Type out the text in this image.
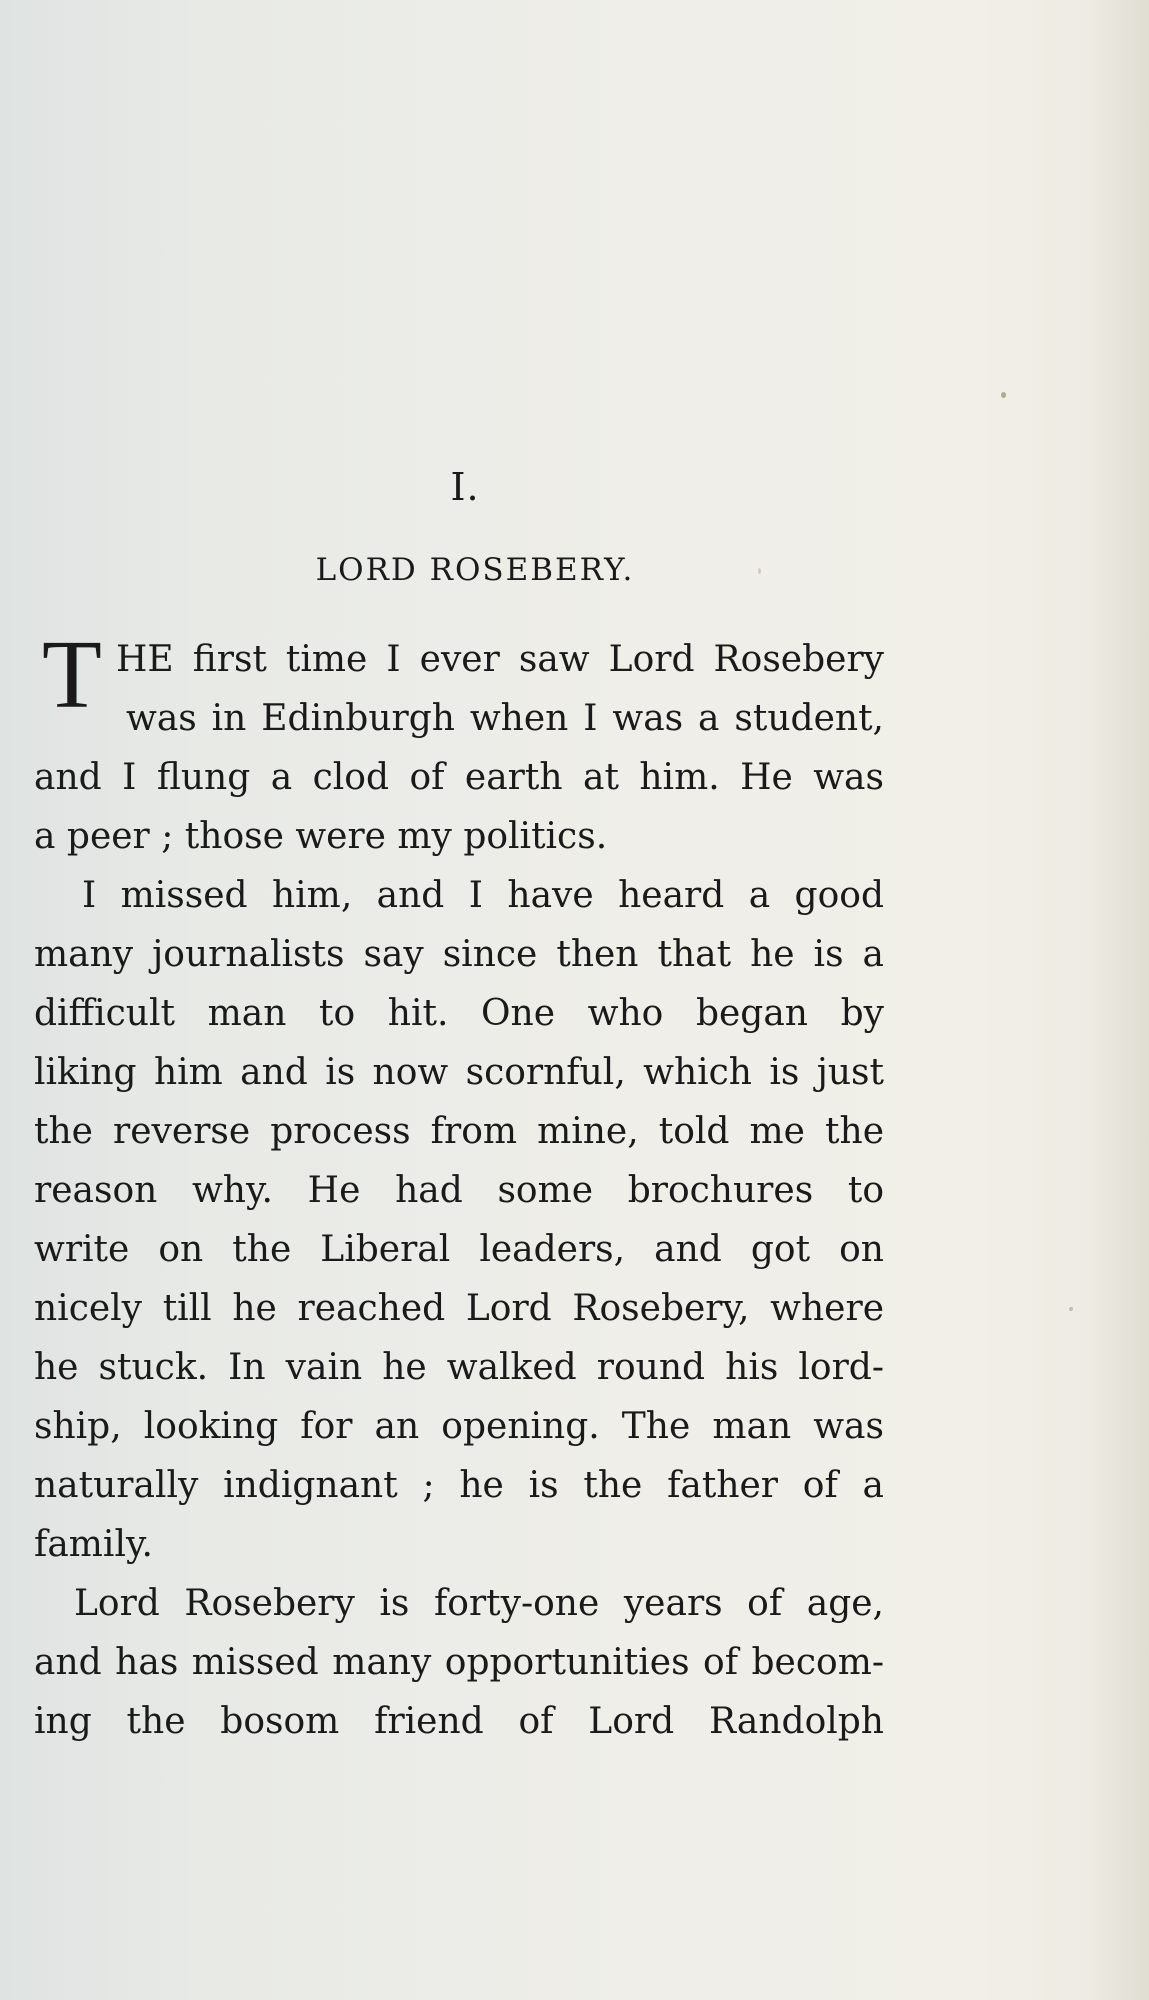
I.
LORD ROSEBERY.
T HE first time I ever saw Lord Rosebery
was in Edinburgh when I was a student,
and I flung a clod of earth at him. He was
a peer ; those were my politics.
I missed him, and I have heard a good
many journalists say since then that he is a
difficult man to hit. One who began by
liking him and is now scornful, which is just
the reverse process from mine, told me the
reason why. He had some brochures to
write on the Liberal leaders, and got on
nicely till he reached Lord Rosebery, where
he stuck. In vain he walked round his lord-
ship, looking for an opening. The man was
naturally indignant ; he is the father of a
family.
Lord Rosebery is forty-one years of age,
and has missed many opportunities of becom-
ing the bosom friend of Lord Randolph
